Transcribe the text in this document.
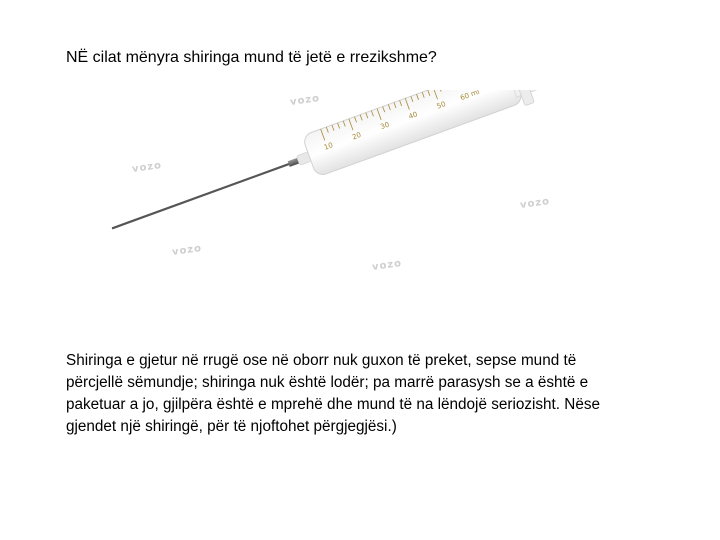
NË cilat mënyra shiringa mund të jetë e rrezikshme?
vozo
vozo
vozo
vozo
vozo
10
20
30
40
50
60 ml
Shiringa e gjetur në rrugë ose në oborr nuk guxon të preket, sepse mund të
përcjellë sëmundje; shiringa nuk është lodër; pa marrë parasysh se a është e
paketuar a jo, gjilpëra është e mprehë dhe mund të na lëndojë seriozisht. Nëse
gjendet një shiringë, për të njoftohet përgjegjësi.)
